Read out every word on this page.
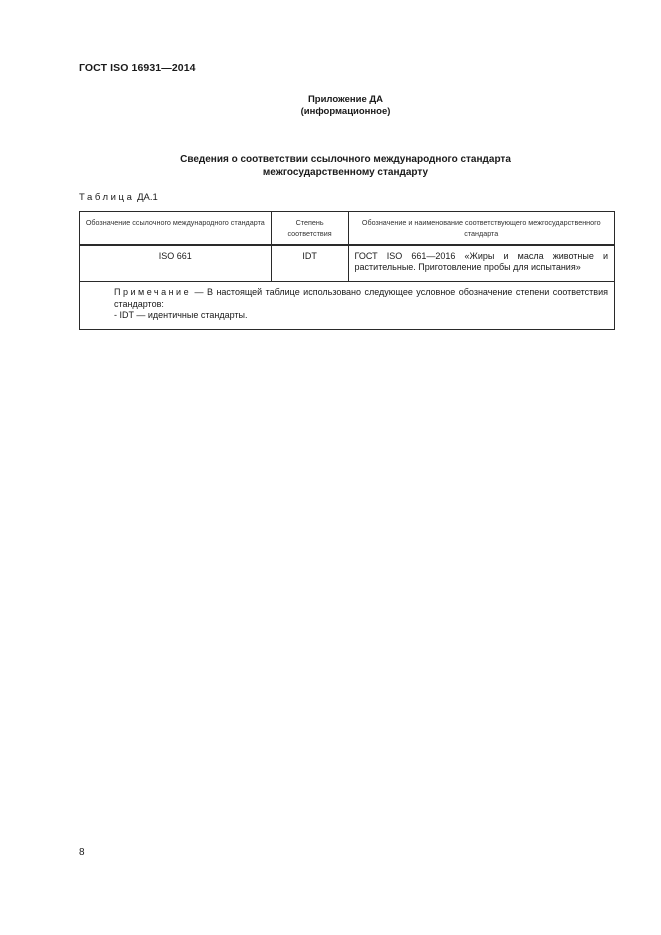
ГОСТ ISO 16931—2014
Приложение ДА
(информационное)
Сведения о соответствии ссылочного международного стандарта
межгосударственному стандарту
Таблица ДА.1
Обозначение ссылочного международного стандарта	Степень соответствия	Обозначение и наименование соответствующего межгосударственного стандарта
ISO 661	IDT	ГОСТ ISO 661—2016 «Жиры и масла животные и растительные. Приготовление пробы для испытания»

Примечание — В настоящей таблице использовано следующее условное обозначение степени соответствия стандартов:
- IDT — идентичные стандарты.		
8
